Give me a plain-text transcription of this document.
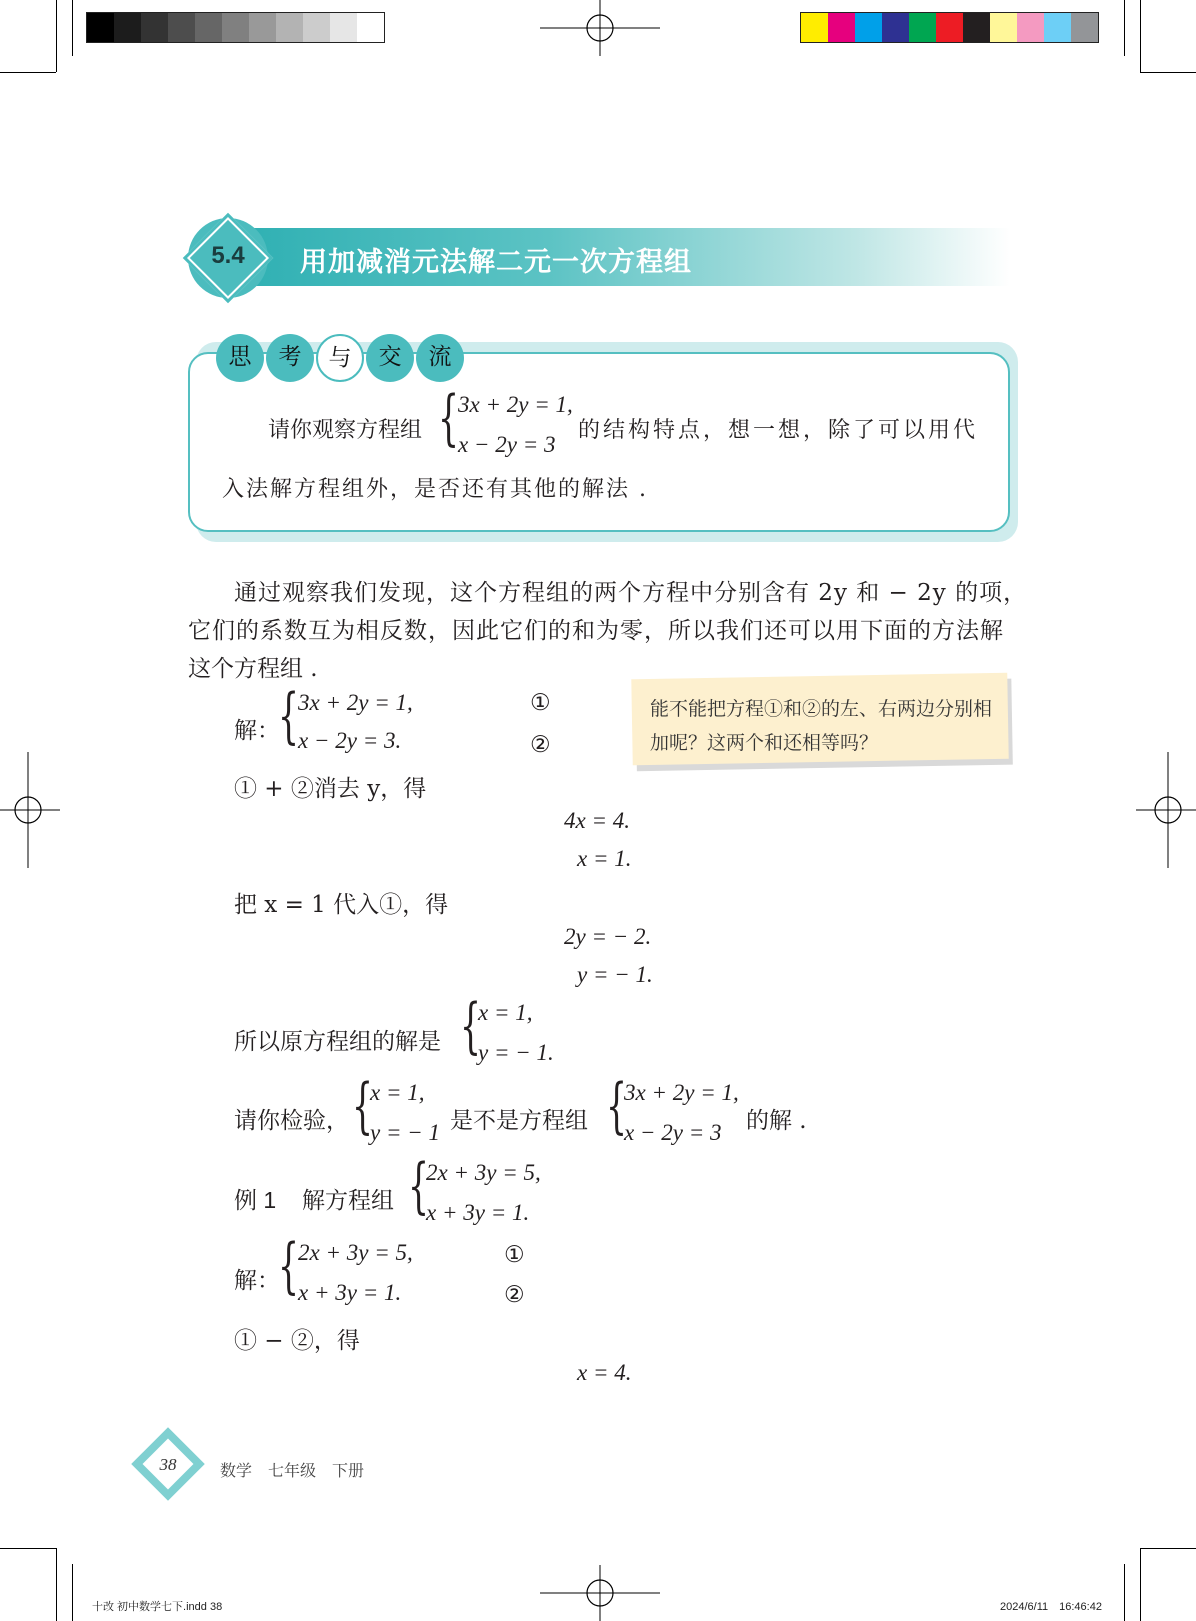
5.4	用加减消元法解二元一次方程组
思	考	与	交	流
请你观察方程组 {
3x + 2y = 1,
x − 2y = 3
的结构特点，想一想，除了可以用代
入法解方程组外，是否还有其他的解法 .
通过观察我们发现，这个方程组的两个方程中分别含有 2y 和 − 2y 的项，
它们的系数互为相反数，因此它们的和为零，所以我们还可以用下面的方法解
这个方程组 .
解：
{
3x + 2y = 1,
x − 2y = 3.
①
②
能不能把方程①和②的左、右两边分别相加呢？这两个和还相等吗？
① + ②消去 y，得
4x = 4.
x = 1.
把 x = 1 代入①，得
2y = − 2.
y = − 1.
所以原方程组的解是 {
x = 1,
y = − 1.
请你检验， {
x = 1,
y = − 1 是不是方程组 {
3x + 2y = 1,
x − 2y = 3 的解 .
例 1 解方程组 {
2x + 3y = 5,
x + 3y = 1.
解：
{
2x + 3y = 5,
x + 3y = 1.
①
②
① − ②，得
x = 4.
38	数学　七年级　下册
十改 初中数学七下.indd 38	2024/6/11　16:46:42
